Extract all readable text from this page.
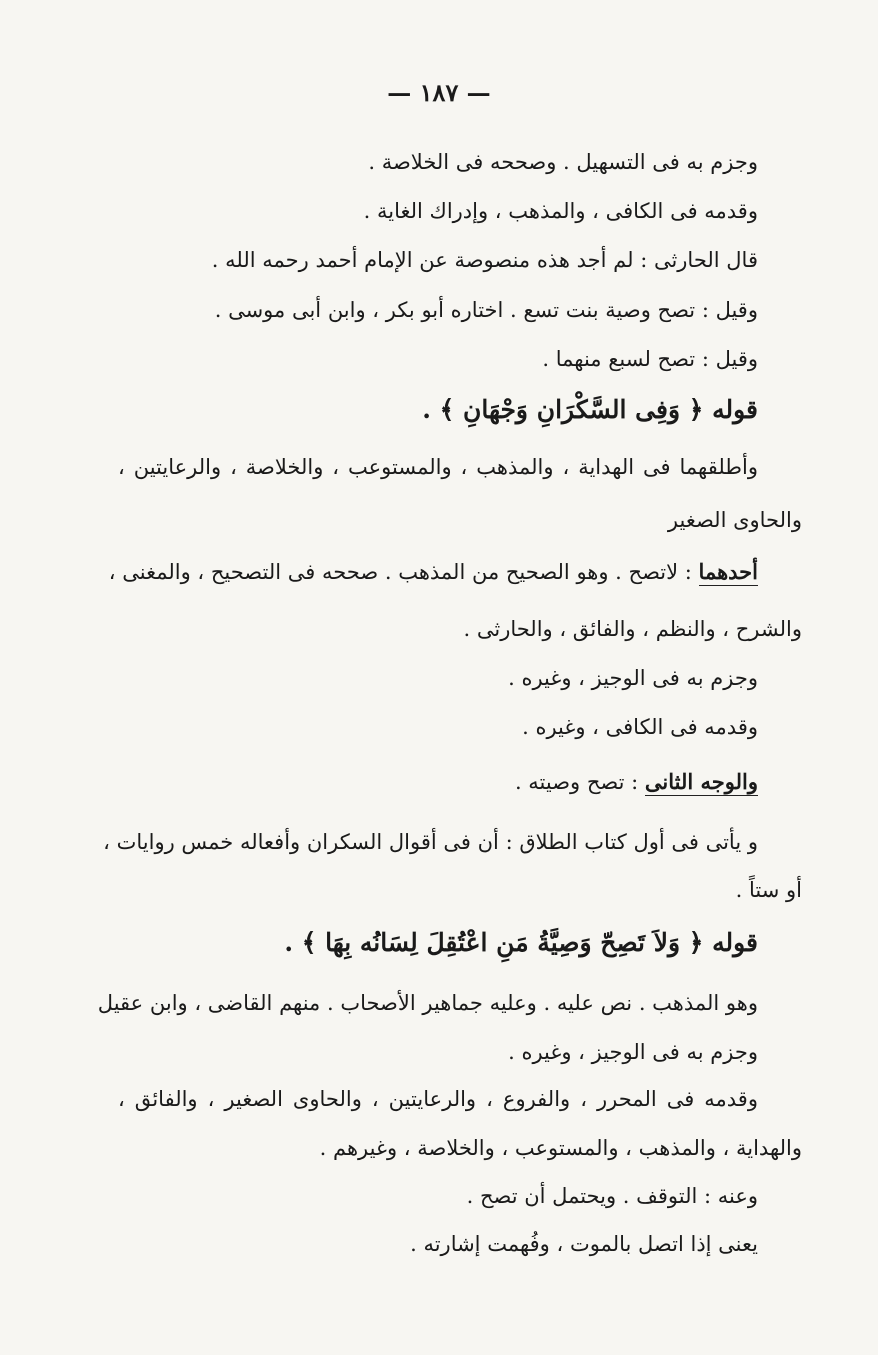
— ١٨٧ —
وجزم به فى التسهيل . وصححه فى الخلاصة .
وقدمه فى الكافى ، والمذهب ، وإدراك الغاية .
قال الحارثى : لم أجد هذه منصوصة عن الإمام أحمد رحمه الله .
وقيل : تصح وصية بنت تسع . اختاره أبو بكر ، وابن أبى موسى .
وقيل : تصح لسبع منهما .
قوله ﴿ وَفِى السَّكْرَانِ وَجْهَانِ ﴾ .
وأطلقهما فى الهداية ، والمذهب ، والمستوعب ، والخلاصة ، والرعايتين ،
والحاوى الصغير
أحدهما : لاتصح . وهو الصحيح من المذهب . صححه فى التصحيح ، والمغنى ،
والشرح ، والنظم ، والفائق ، والحارثى .
وجزم به فى الوجيز ، وغيره .
وقدمه فى الكافى ، وغيره .
والوجه الثانى : تصح وصيته .
و يأتى فى أول كتاب الطلاق : أن فى أقوال السكران وأفعاله خمس روايات ،
أو ستاً .
قوله ﴿ وَلاَ تَصِحّ وَصِيَّةُ مَنِ اعْتُقِلَ لِسَانُه بِهَا ﴾ .
وهو المذهب . نص عليه . وعليه جماهير الأصحاب . منهم القاضى ، وابن عقيل
وجزم به فى الوجيز ، وغيره .
وقدمه فى المحرر ، والفروع ، والرعايتين ، والحاوى الصغير ، والفائق ،
والهداية ، والمذهب ، والمستوعب ، والخلاصة ، وغيرهم .
وعنه : التوقف . ويحتمل أن تصح .
يعنى إذا اتصل بالموت ، وفُهمت إشارته .
